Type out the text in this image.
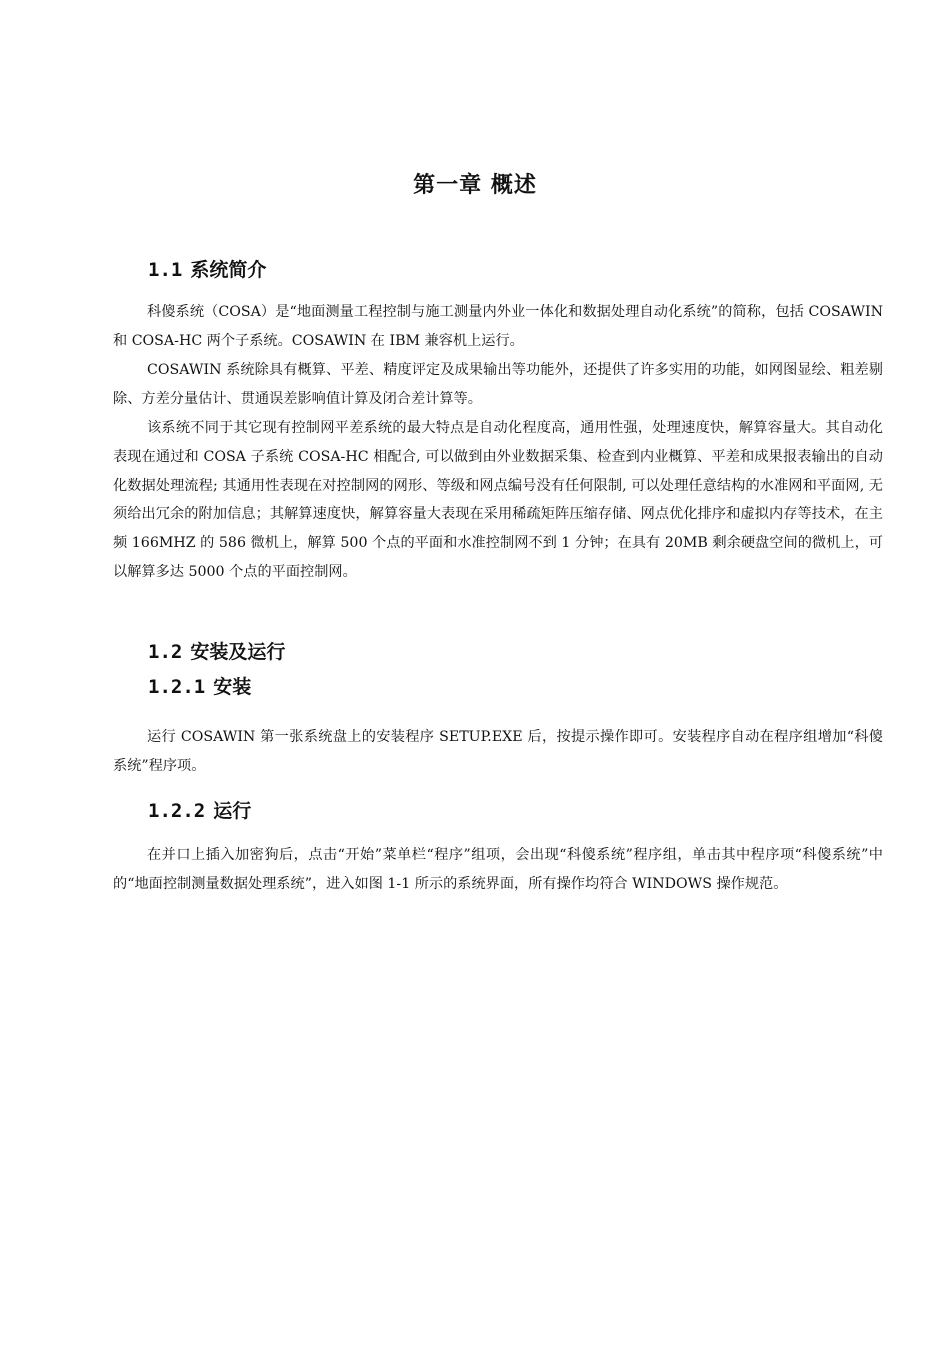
第一章 概述
1.1 系统简介

科傻系统（COSA）是“地面测量工程控制与施工测量内外业一体化和数据处理自动化系统”的简称，包括 COSAWIN 和 COSA-HC 两个子系统。COSAWIN 在 IBM 兼容机上运行。

COSAWIN 系统除具有概算、平差、精度评定及成果输出等功能外，还提供了许多实用的功能，如网图显绘、粗差剔除、方差分量估计、贯通误差影响值计算及闭合差计算等。

该系统不同于其它现有控制网平差系统的最大特点是自动化程度高，通用性强，处理速度快，解算容量大。其自动化表现在通过和 COSA 子系统 COSA-HC 相配合, 可以做到由外业数据采集、检查到内业概算、平差和成果报表输出的自动化数据处理流程; 其通用性表现在对控制网的网形、等级和网点编号没有任何限制, 可以处理任意结构的水准网和平面网, 无须给出冗余的附加信息；其解算速度快，解算容量大表现在采用稀疏矩阵压缩存储、网点优化排序和虚拟内存等技术，在主频 166MHZ 的 586 微机上，解算 500 个点的平面和水准控制网不到 1 分钟；在具有 20MB 剩余硬盘空间的微机上，可以解算多达 5000 个点的平面控制网。

1.2 安装及运行
1.2.1 安装

运行 COSAWIN 第一张系统盘上的安装程序 SETUP.EXE 后，按提示操作即可。安装程序自动在程序组增加“科傻系统”程序项。

1.2.2 运行

在并口上插入加密狗后，点击“开始”菜单栏“程序”组项，会出现“科傻系统”程序组，单击其中程序项“科傻系统”中的“地面控制测量数据处理系统”，进入如图 1-1 所示的系统界面，所有操作均符合 WINDOWS 操作规范。
